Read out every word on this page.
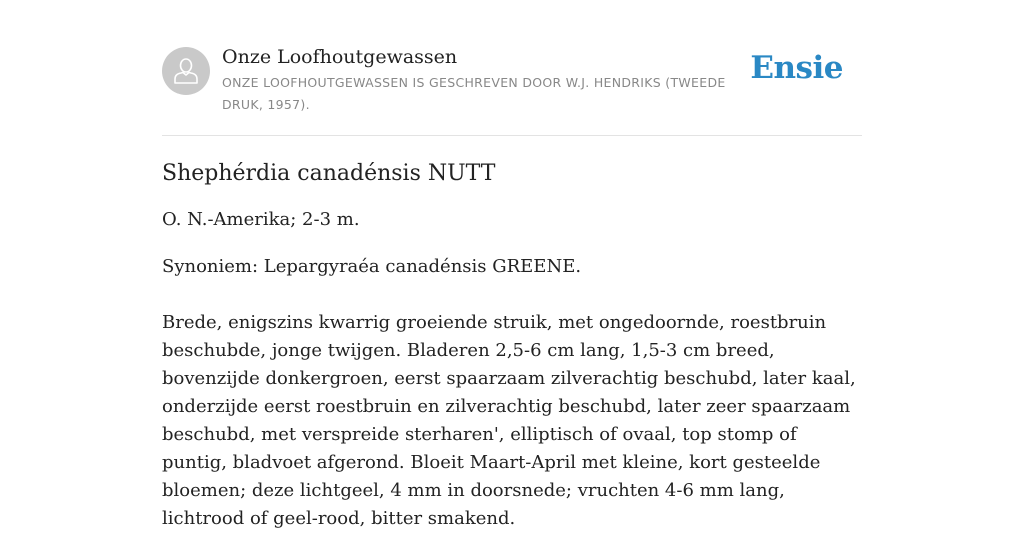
Onze Loofhoutgewassen
ONZE LOOFHOUTGEWASSEN IS GESCHREVEN DOOR W.J. HENDRIKS (TWEEDE DRUK, 1957).
Ensie
Shephérdia canadénsis NUTT

O. N.-Amerika; 2-3 m.

Synoniem: Lepargyraéa canadénsis GREENE.

Brede, enigszins kwarrig groeiende struik, met ongedoornde, roestbruin beschubde, jonge twijgen. Bladeren 2,5-6 cm lang, 1,5-3 cm breed, bovenzijde donkergroen, eerst spaarzaam zilverachtig beschubd, later kaal, onderzijde eerst roestbruin en zilverachtig beschubd, later zeer spaarzaam beschubd, met verspreide sterharen', elliptisch of ovaal, top stomp of puntig, bladvoet afgerond. Bloeit Maart-April met kleine, kort gesteelde bloemen; deze lichtgeel, 4 mm in doorsnede; vruchten 4-6 mm lang, lichtrood of geel-rood, bitter smakend.
